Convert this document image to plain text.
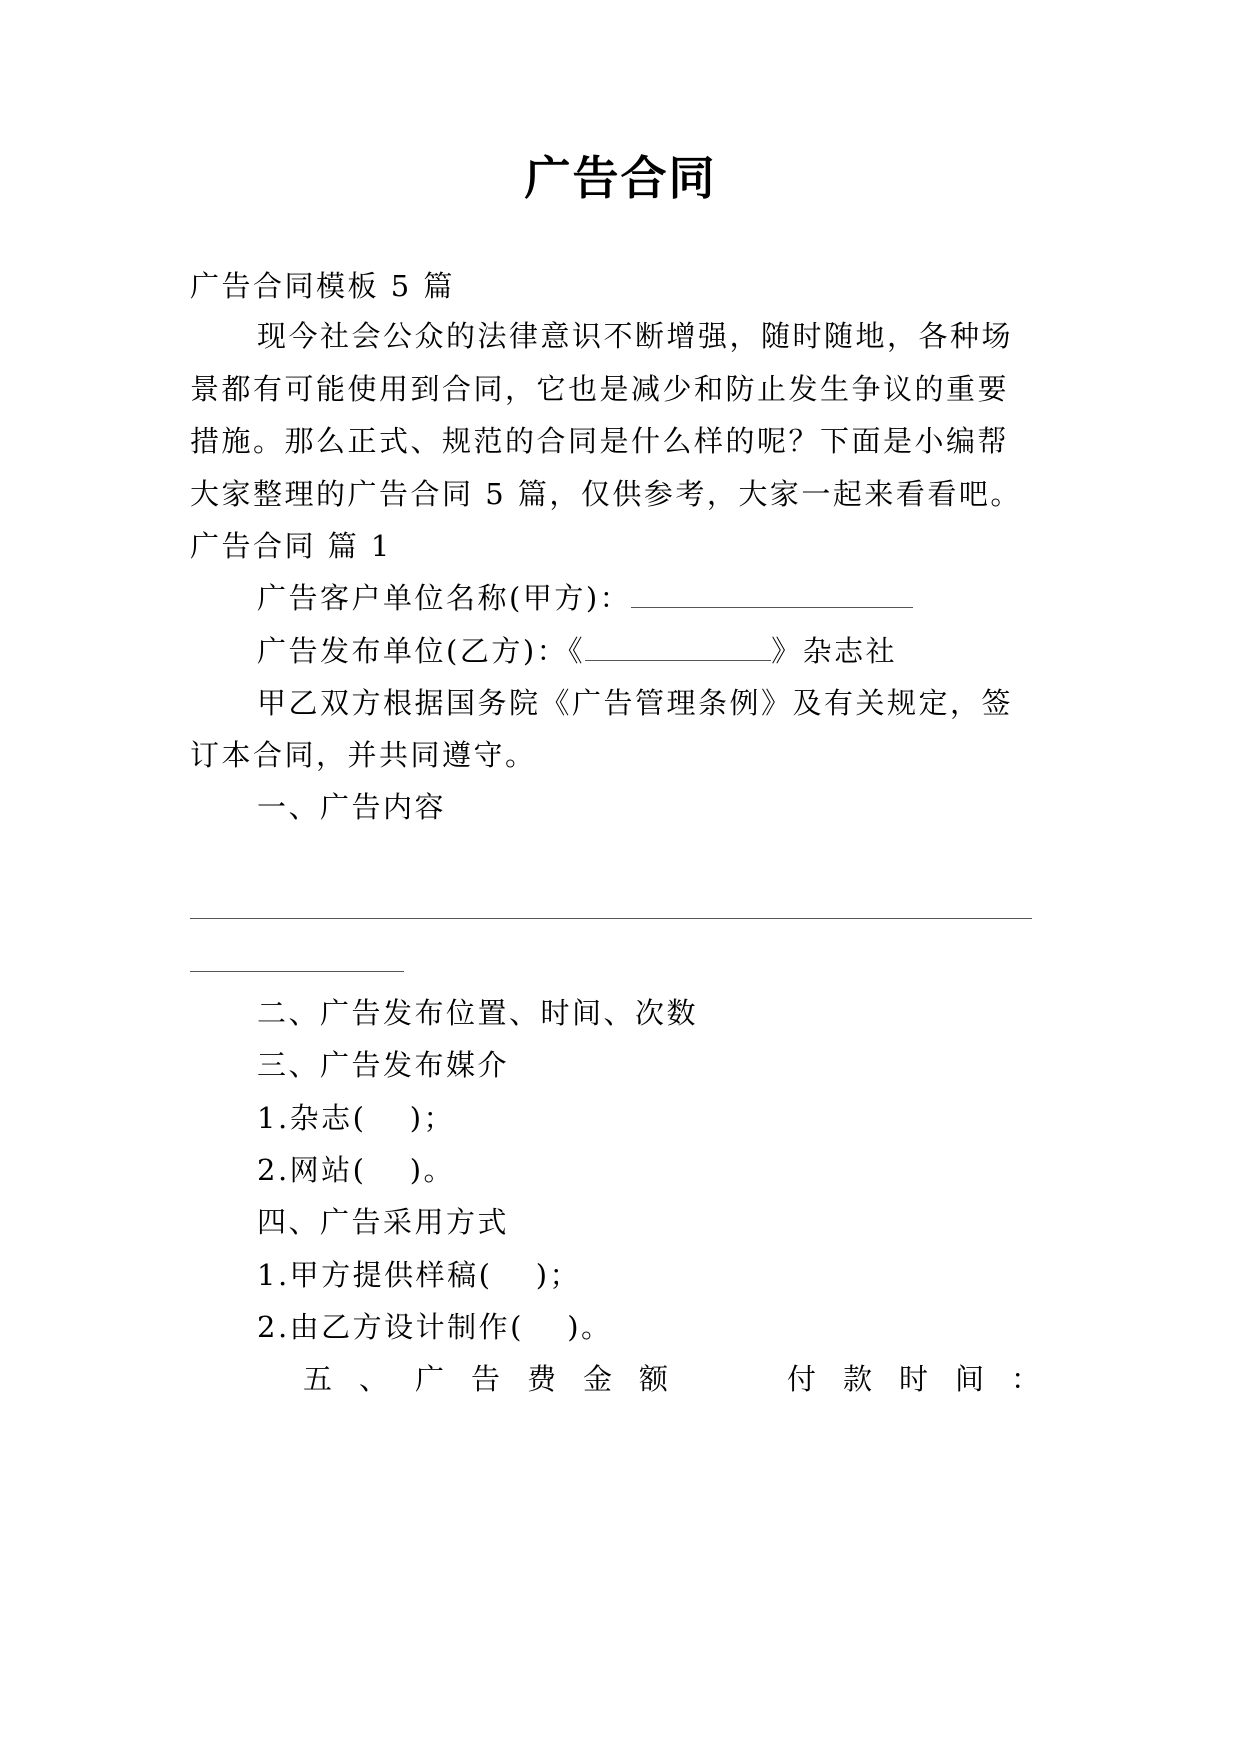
广告合同
广告合同模板 5 篇
现今社会公众的法律意识不断增强，随时随地，各种场
景都有可能使用到合同，它也是减少和防止发生争议的重要
措施。那么正式、规范的合同是什么样的呢？下面是小编帮
大家整理的广告合同 5 篇，仅供参考，大家一起来看看吧。
广告合同 篇 1
广告客户单位名称(甲方)：
广告发布单位(乙方)：《	》杂志社
甲乙双方根据国务院《广告管理条例》及有关规定，签
订本合同，并共同遵守。
一、广告内容
二、广告发布位置、时间、次数
三、广告发布媒介
1.杂志(　 )；
2.网站(　 )。
四、广告采用方式
1.甲方提供样稿(　 )；
2.由乙方设计制作(　 )。
五 、 广 告 费 金 额	付 款 时 间 ：
